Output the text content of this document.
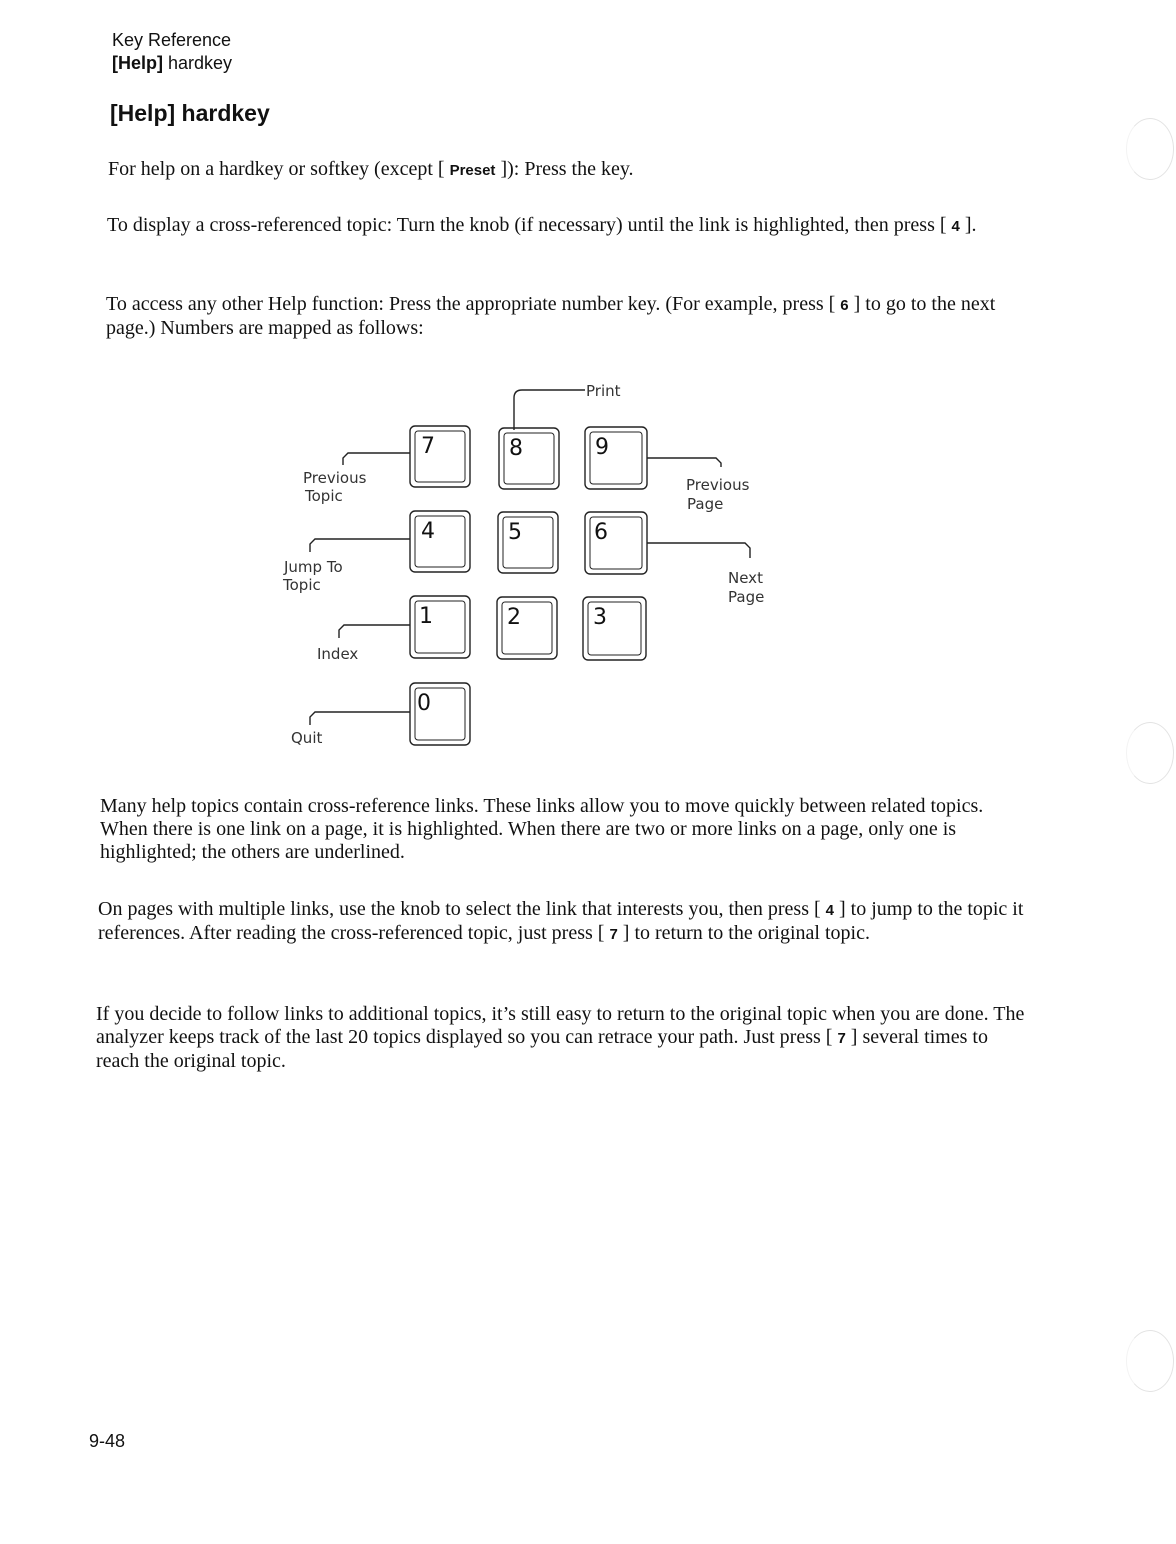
Key Reference
[Help] hardkey
[Help] hardkey

For help on a hardkey or softkey (except [ Preset ]): Press the key.

To display a cross-referenced topic: Turn the knob (if necessary) until the link is highlighted, then press [ 4 ].

To access any other Help function: Press the appropriate number key. (For example, press [ 6 ] to go to the next page.) Numbers are mapped as follows:

7	8	9
4	5	6
1	2	3
0
Print
Previous
Topic
Previous
Page
Jump To
Topic	Next
Page
Index
Quit

Many help topics contain cross-reference links. These links allow you to move quickly between related topics. When there is one link on a page, it is highlighted. When there are two or more links on a page, only one is highlighted; the others are underlined.

On pages with multiple links, use the knob to select the link that interests you, then press [ 4 ] to jump to the topic it references. After reading the cross-referenced topic, just press [ 7 ] to return to the original topic.

If you decide to follow links to additional topics, it’s still easy to return to the original topic when you are done. The analyzer keeps track of the last 20 topics displayed so you can retrace your path. Just press [ 7 ] several times to reach the original topic.

9-48
